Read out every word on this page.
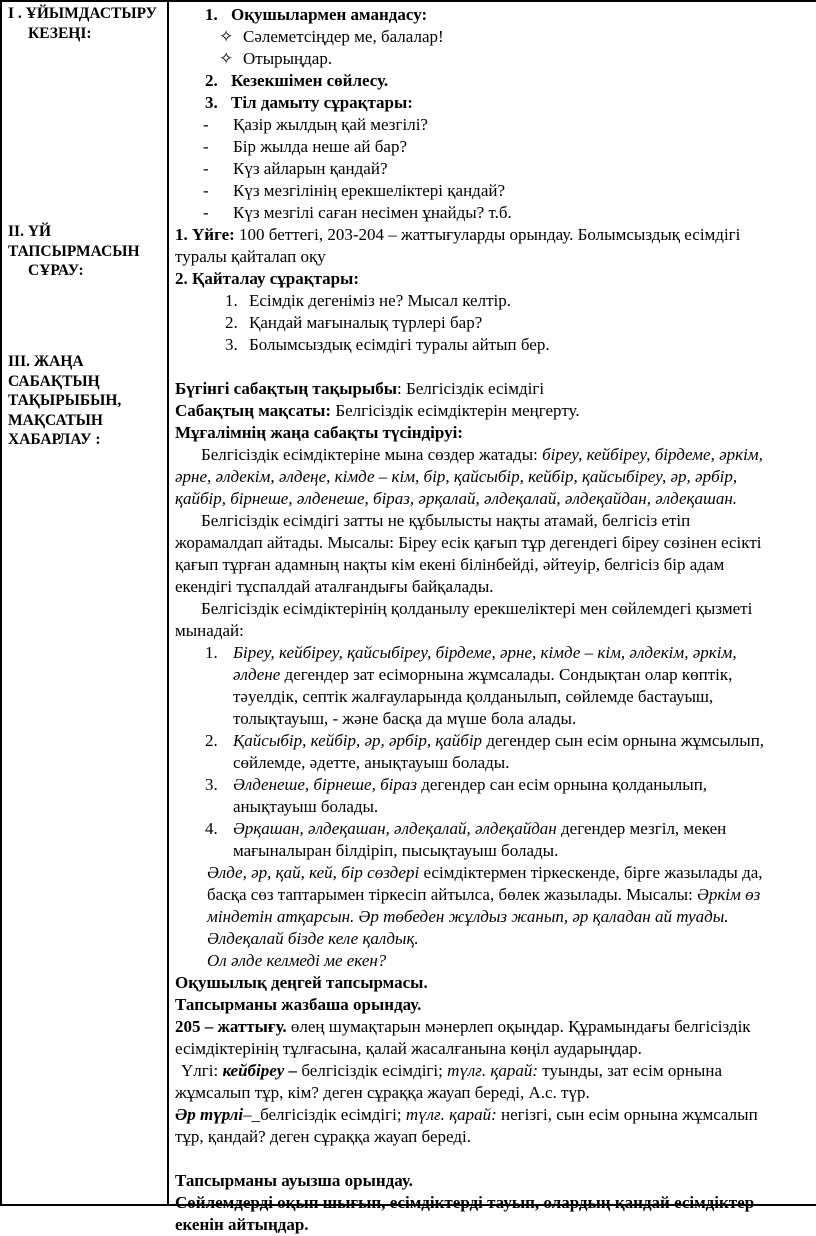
І . ҰЙЫМДАСТЫРУ
КЕЗЕҢІ:
ІІ. ҮЙ
ТАПСЫРМАСЫН
СҰРАУ:
ІІІ. ЖАҢА
САБАҚТЫҢ
ТАҚЫРЫБЫН,
МАҚСАТЫН
ХАБАРЛАУ :
1. Оқушылармен амандасу:
✧ Сәлеметсіңдер ме, балалар!
✧ Отырыңдар.
2. Кезекшімен сөйлесу.
3. Тіл дамыту сұрақтары:
- Қазір жылдың қай мезгілі?
- Бір жылда неше ай бар?
- Күз айларын қандай?
- Күз мезгілінің ерекшеліктері қандай?
- Күз мезгілі саған несімен ұнайды? т.б.
1. Үйге: 100 беттегі, 203-204 – жаттығуларды орындау. Болымсыздық есімдігі
туралы қайталап оқу
2. Қайталау сұрақтары:
1. Есімдік дегеніміз не? Мысал келтір.
2. Қандай мағыналық түрлері бар?
3. Болымсыздық есімдігі туралы айтып бер.
Бүгінгі сабақтың тақырыбы: Белгісіздік есімдігі
Сабақтың мақсаты: Белгісіздік есімдіктерін меңгерту.
Мұғалімнің жаңа сабақты түсіндіруі:
Белгісіздік есімдіктеріне мына сөздер жатады: біреу, кейбіреу, бірдеме, әркім,
әрне, әлдекім, әлдеңе, кімде – кім, бір, қайсыбір, кейбір, қайсыбіреу, әр, әрбір,
қайбір, бірнеше, әлденеше, біраз, әрқалай, әлдеқалай, әлдеқайдан, әлдеқашан.
Белгісіздік есімдігі затты не құбылысты нақты атамай, белгісіз етіп
жорамалдап айтады. Мысалы: Біреу есік қағып тұр дегендегі біреу сөзінен есікті
қағып тұрған адамның нақты кім екені білінбейді, әйтеуір, белгісіз бір адам
екендігі тұспалдай аталғандығы байқалады.
Белгісіздік есімдіктерінің қолданылу ерекшеліктері мен сөйлемдегі қызметі
мынадай:
1. Біреу, кейбіреу, қайсыбіреу, бірдеме, әрне, кімде – кім, әлдекім, әркім,
әлдене дегендер зат есіморнына жұмсалады. Сондықтан олар көптік,
тәуелдік, септік жалғауларында қолданылып, сөйлемде бастауыш,
толықтауыш, - және басқа да мүше бола алады.
2. Қайсыбір, кейбір, әр, әрбір, қайбір дегендер сын есім орнына жұмсылып,
сөйлемде, әдетте, анықтауыш болады.
3. Әлденеше, бірнеше, біраз дегендер сан есім орнына қолданылып,
анықтауыш болады.
4. Әрқашан, әлдеқашан, әлдеқалай, әлдеқайдан дегендер мезгіл, мекен
мағыналыран білдіріп, пысықтауыш болады.
Әлде, әр, қай, кей, бір сөздері есімдіктермен тіркескенде, бірге жазылады да,
басқа сөз таптарымен тіркесіп айтылса, бөлек жазылады. Мысалы: Әркім өз
міндетін атқарсын. Әр төбеден жұлдыз жанып, әр қаладан ай туады.
Әлдеқалай бізде келе қалдық.
Ол әлде келмеді ме екен?
Оқушылық деңгей тапсырмасы.
Тапсырманы жазбаша орындау.
205 – жаттығу. өлең шумақтарын мәнерлеп оқыңдар. Құрамындағы белгісіздік
есімдіктерінің тұлғасына, қалай жасалғанына көңіл аударыңдар.
Үлгі: кейбіреу – белгісіздік есімдігі; түлғ. қарай: туынды, зат есім орнына
жұмсалып тұр, кім? деген сұраққа жауап береді, А.с. түр.
Әр түрлі–_белгісіздік есімдігі; түлғ. қарай: негізгі, сын есім орнына жұмсалып
тұр, қандай? деген сұраққа жауап береді.
Тапсырманы ауызша орындау.
Сөйлемдерді оқып шығып, есімдіктерді тауып, олардың қандай есімдіктер
екенін айтыңдар.
